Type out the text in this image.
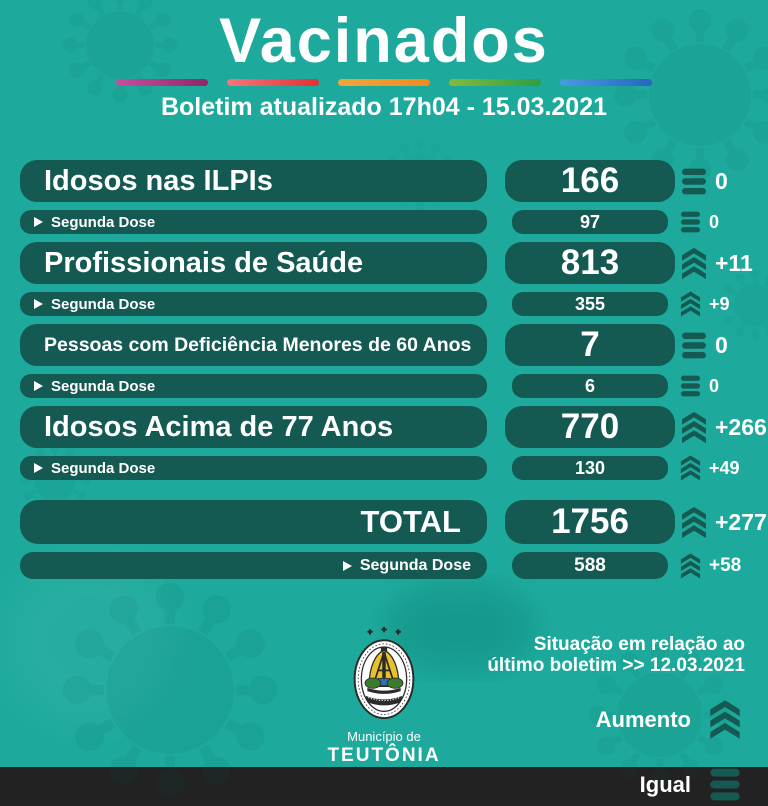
Vacinados
Boletim atualizado 17h04 - 15.03.2021
Idosos nas ILPIs	166	0
Segunda Dose	97	0
Profissionais de Saúde	813	+11
Segunda Dose	355	+9
Pessoas com Deficiência Menores de 60 Anos	7	0
Segunda Dose	6	0
Idosos Acima de 77 Anos	770	+266
Segunda Dose	130	+49
TOTAL	1756	+277
Segunda Dose	588	+58
Município de
TEUTÔNIA
Situação em relação ao
último boletim >> 12.03.2021
Aumento
Igual
